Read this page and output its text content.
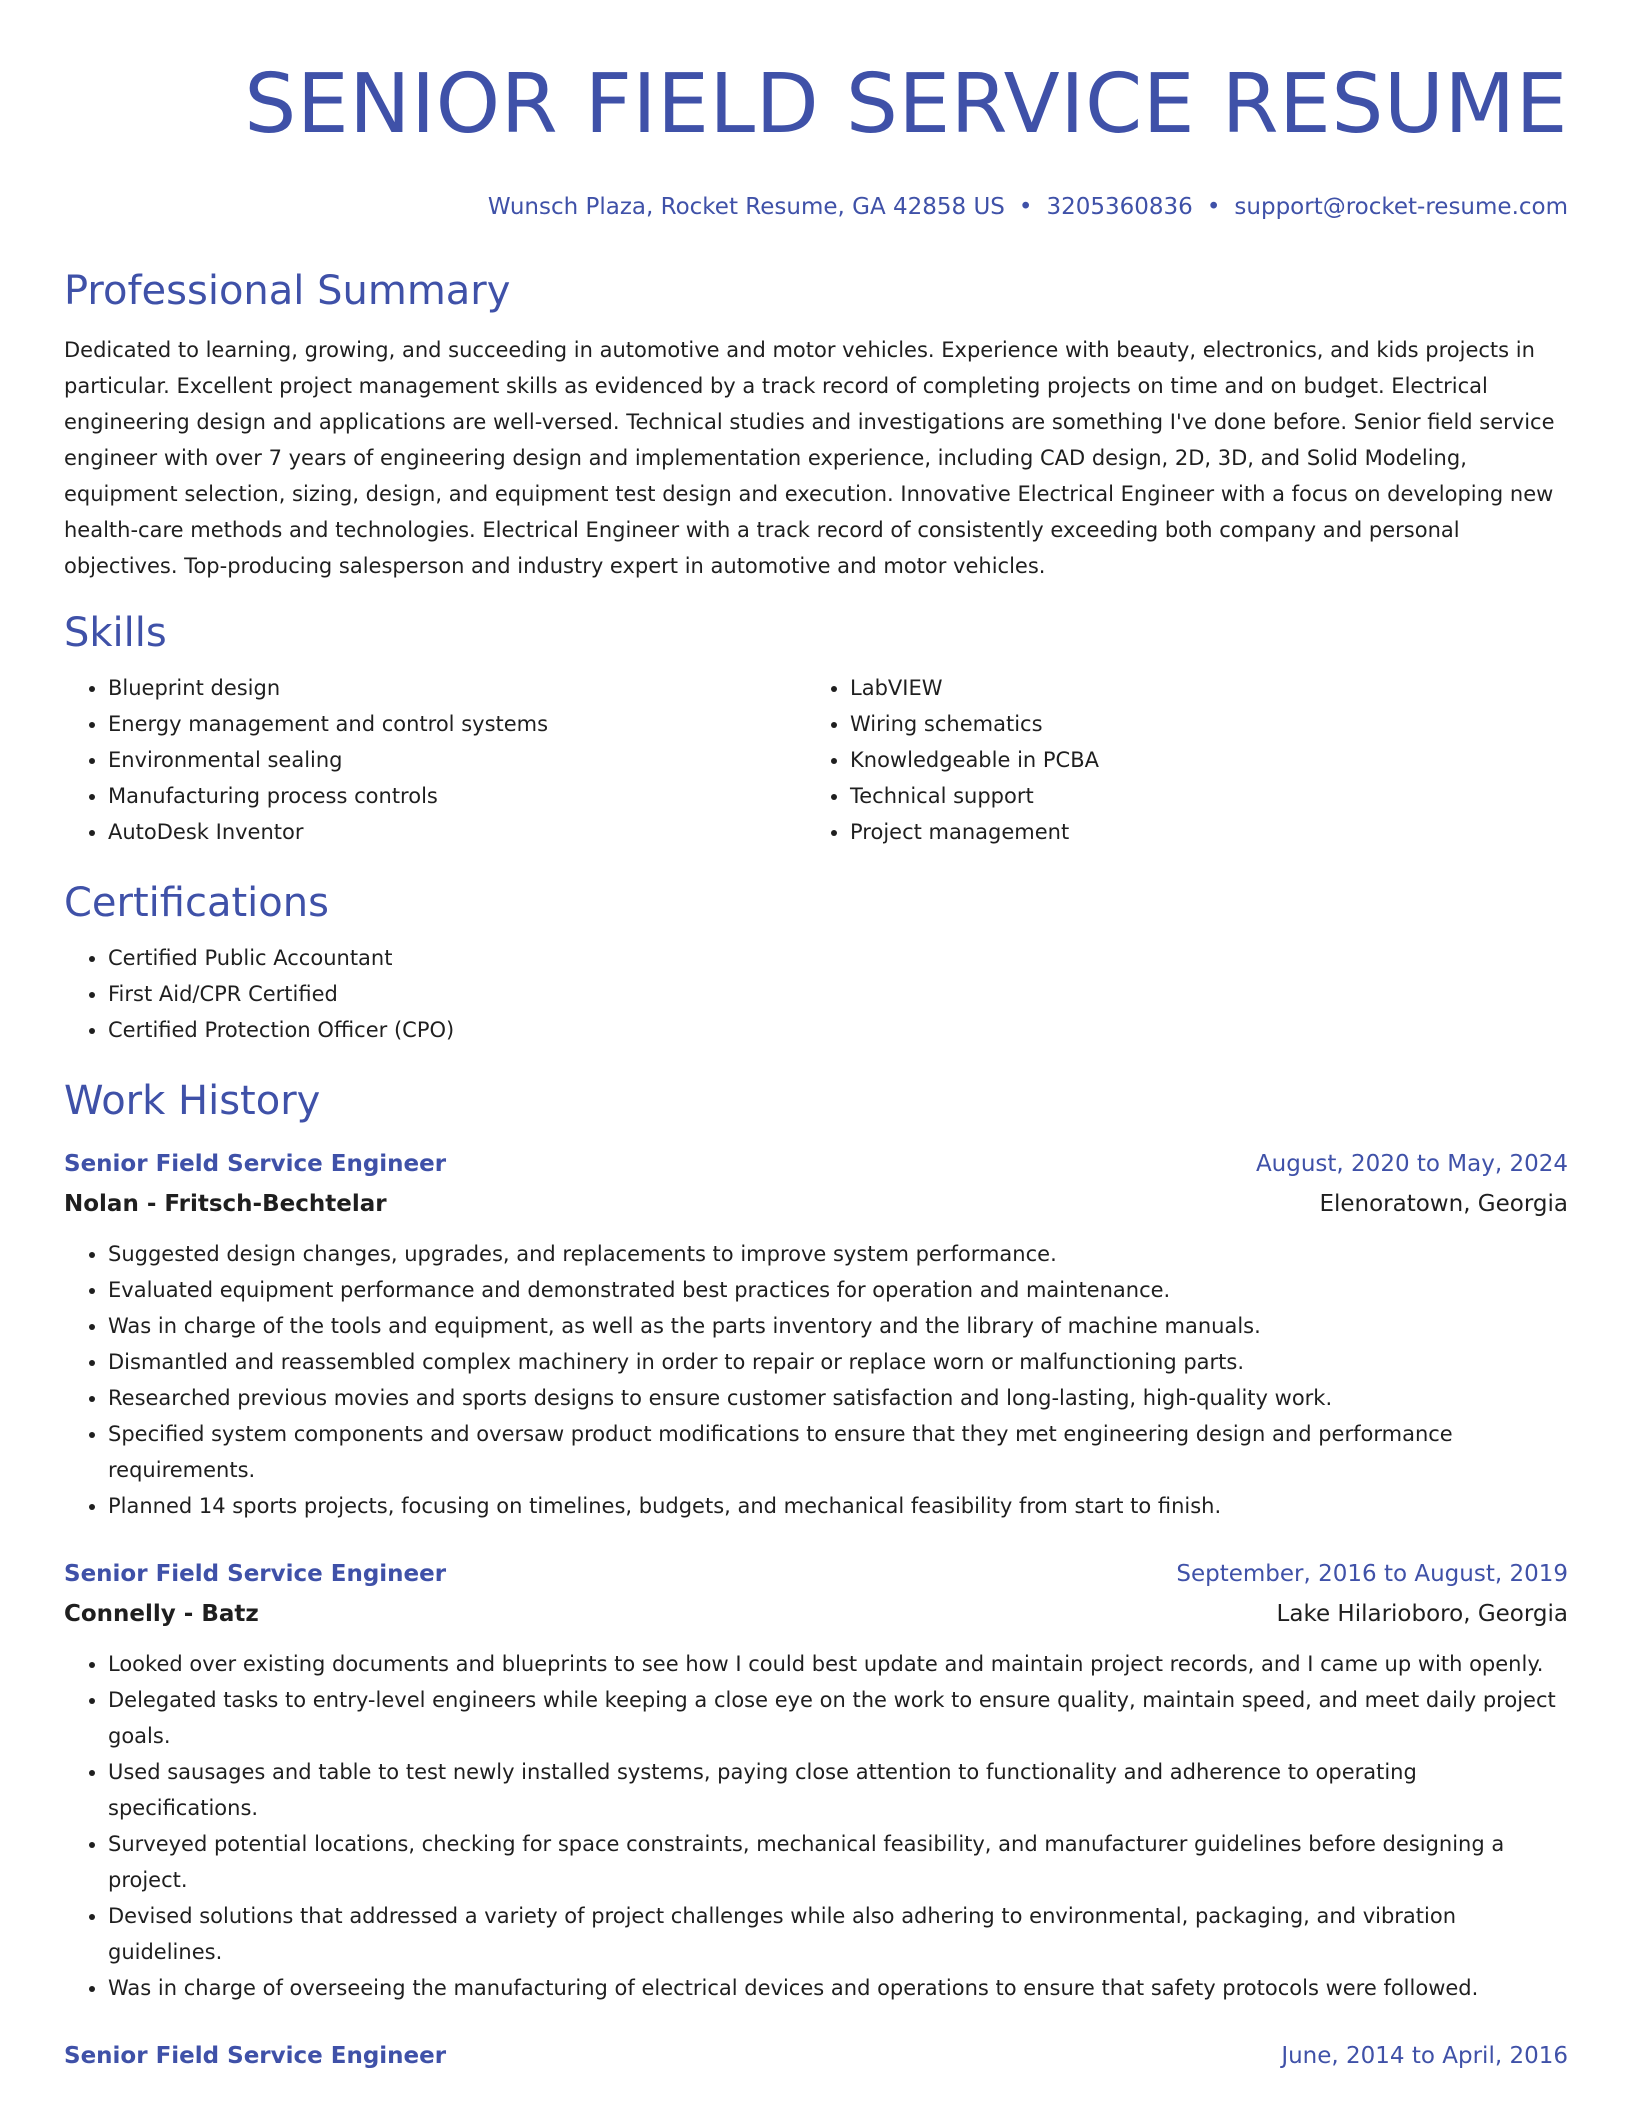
SENIOR FIELD SERVICE RESUME
Wunsch Plaza, Rocket Resume, GA 42858 US • 3205360836 • support@rocket-resume.com
Professional Summary

Dedicated to learning, growing, and succeeding in automotive and motor vehicles. Experience with beauty, electronics, and kids projects in particular. Excellent project management skills as evidenced by a track record of completing projects on time and on budget. Electrical engineering design and applications are well-versed. Technical studies and investigations are something I've done before. Senior field service engineer with over 7 years of engineering design and implementation experience, including CAD design, 2D, 3D, and Solid Modeling, equipment selection, sizing, design, and equipment test design and execution. Innovative Electrical Engineer with a focus on developing new health-care methods and technologies. Electrical Engineer with a track record of consistently exceeding both company and personal objectives. Top-producing salesperson and industry expert in automotive and motor vehicles.

Skills
• Blueprint design
• Energy management and control systems
• Environmental sealing
• Manufacturing process controls
• AutoDesk Inventor
• LabVIEW
• Wiring schematics
• Knowledgeable in PCBA
• Technical support
• Project management
Certifications
• Certified Public Accountant
• First Aid/CPR Certified
• Certified Protection Officer (CPO)
Work History
Senior Field Service Engineer	August, 2020 to May, 2024
Nolan - Fritsch-Bechtelar	Elenoratown, Georgia
• Suggested design changes, upgrades, and replacements to improve system performance.
• Evaluated equipment performance and demonstrated best practices for operation and maintenance.
• Was in charge of the tools and equipment, as well as the parts inventory and the library of machine manuals.
• Dismantled and reassembled complex machinery in order to repair or replace worn or malfunctioning parts.
• Researched previous movies and sports designs to ensure customer satisfaction and long-lasting, high-quality work.
• Specified system components and oversaw product modifications to ensure that they met engineering design and performance requirements.
• Planned 14 sports projects, focusing on timelines, budgets, and mechanical feasibility from start to finish.
Senior Field Service Engineer	September, 2016 to August, 2019
Connelly - Batz	Lake Hilarioboro, Georgia
• Looked over existing documents and blueprints to see how I could best update and maintain project records, and I came up with openly.
• Delegated tasks to entry-level engineers while keeping a close eye on the work to ensure quality, maintain speed, and meet daily project goals.
• Used sausages and table to test newly installed systems, paying close attention to functionality and adherence to operating specifications.
• Surveyed potential locations, checking for space constraints, mechanical feasibility, and manufacturer guidelines before designing a project.
• Devised solutions that addressed a variety of project challenges while also adhering to environmental, packaging, and vibration guidelines.
• Was in charge of overseeing the manufacturing of electrical devices and operations to ensure that safety protocols were followed.
Senior Field Service Engineer	June, 2014 to April, 2016
